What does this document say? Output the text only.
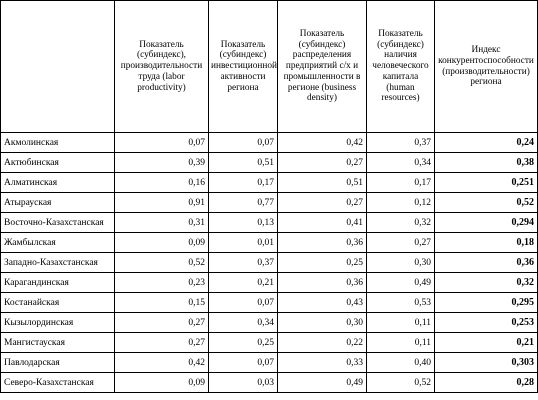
	Показатель (субиндекс), производительности труда (labor productivity)	Показатель (субиндекс) инвестиционной активности региона	Показатель (субиндекс) распределения предприятий с/х и промышленности в регионе (business density)	Показатель (субиндекс) наличия человеческого капитала (human resources)	Индекс конкурентоспособности (производительности) региона
Акмолинская	0,07	0,07	0,42	0,37	0,24
Актюбинская	0,39	0,51	0,27	0,34	0,38
Алматинская	0,16	0,17	0,51	0,17	0,251
Атырауская	0,91	0,77	0,27	0,12	0,52
Восточно-Казахстанская	0,31	0,13	0,41	0,32	0,294
Жамбылская	0,09	0,01	0,36	0,27	0,18
Западно-Казахстанская	0,52	0,37	0,25	0,30	0,36
Карагандинская	0,23	0,21	0,36	0,49	0,32
Костанайская	0,15	0,07	0,43	0,53	0,295
Кызылординская	0,27	0,34	0,30	0,11	0,253
Мангистауская	0,27	0,25	0,22	0,11	0,21
Павлодарская	0,42	0,07	0,33	0,40	0,303
Северо-Казахстанская	0,09	0,03	0,49	0,52	0,28
